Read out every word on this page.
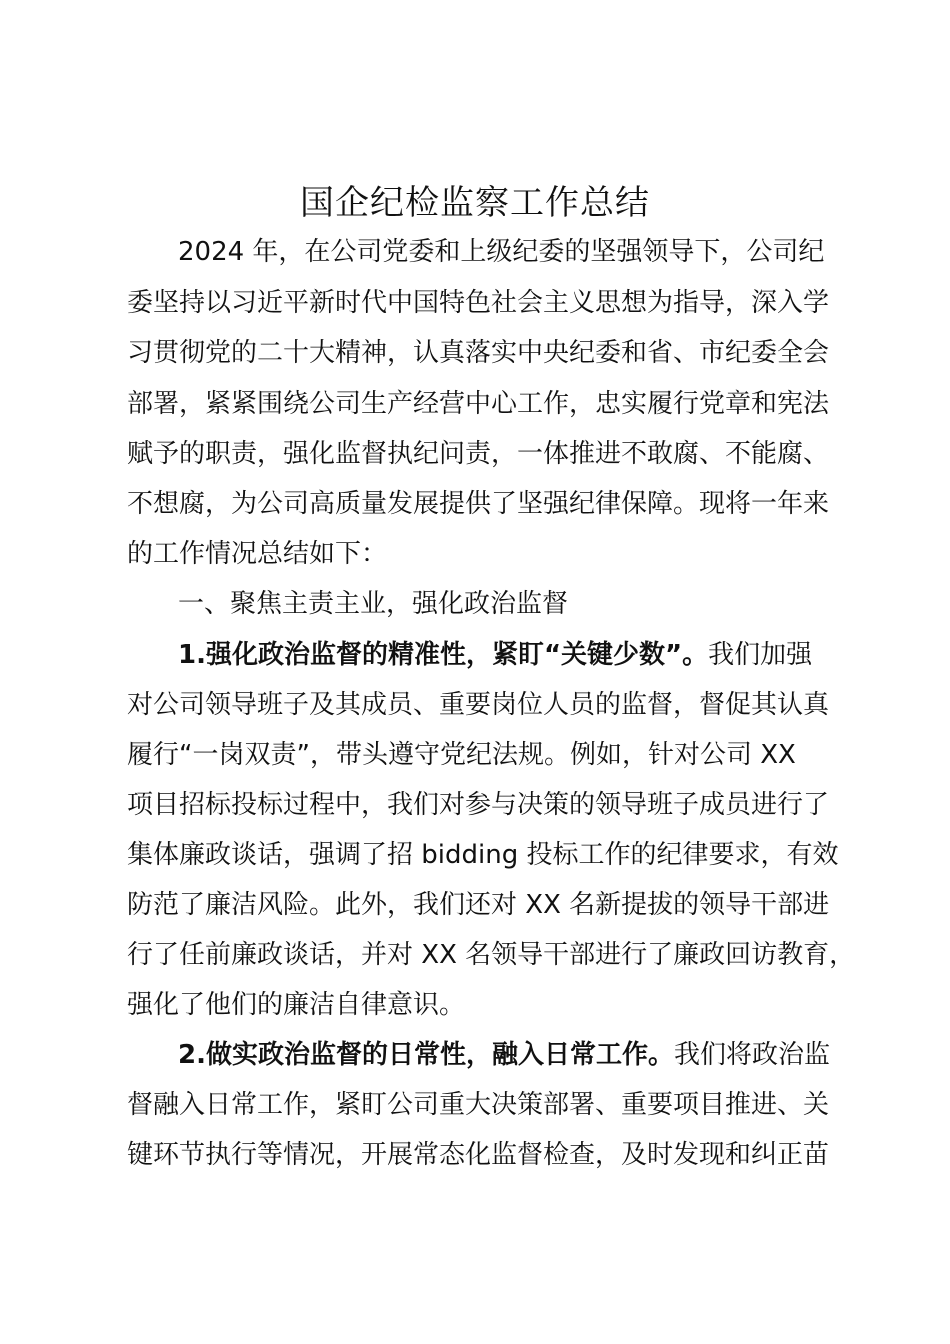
国企纪检监察工作总结

2024 年，在公司党委和上级纪委的坚强领导下，公司纪

委坚持以习近平新时代中国特色社会主义思想为指导，深入学

习贯彻党的二十大精神，认真落实中央纪委和省、市纪委全会

部署，紧紧围绕公司生产经营中心工作，忠实履行党章和宪法

赋予的职责，强化监督执纪问责，一体推进不敢腐、不能腐、

不想腐，为公司高质量发展提供了坚强纪律保障。现将一年来

的工作情况总结如下：

一、聚焦主责主业，强化政治监督

1.强化政治监督的精准性，紧盯“关键少数”。我们加强

对公司领导班子及其成员、重要岗位人员的监督，督促其认真

履行“一岗双责”，带头遵守党纪法规。例如，针对公司 XX

项目招标投标过程中，我们对参与决策的领导班子成员进行了

集体廉政谈话，强调了招 bidding 投标工作的纪律要求，有效

防范了廉洁风险。此外，我们还对 XX 名新提拔的领导干部进

行了任前廉政谈话，并对 XX 名领导干部进行了廉政回访教育，

强化了他们的廉洁自律意识。

2.做实政治监督的日常性，融入日常工作。我们将政治监

督融入日常工作，紧盯公司重大决策部署、重要项目推进、关

键环节执行等情况，开展常态化监督检查，及时发现和纠正苗
